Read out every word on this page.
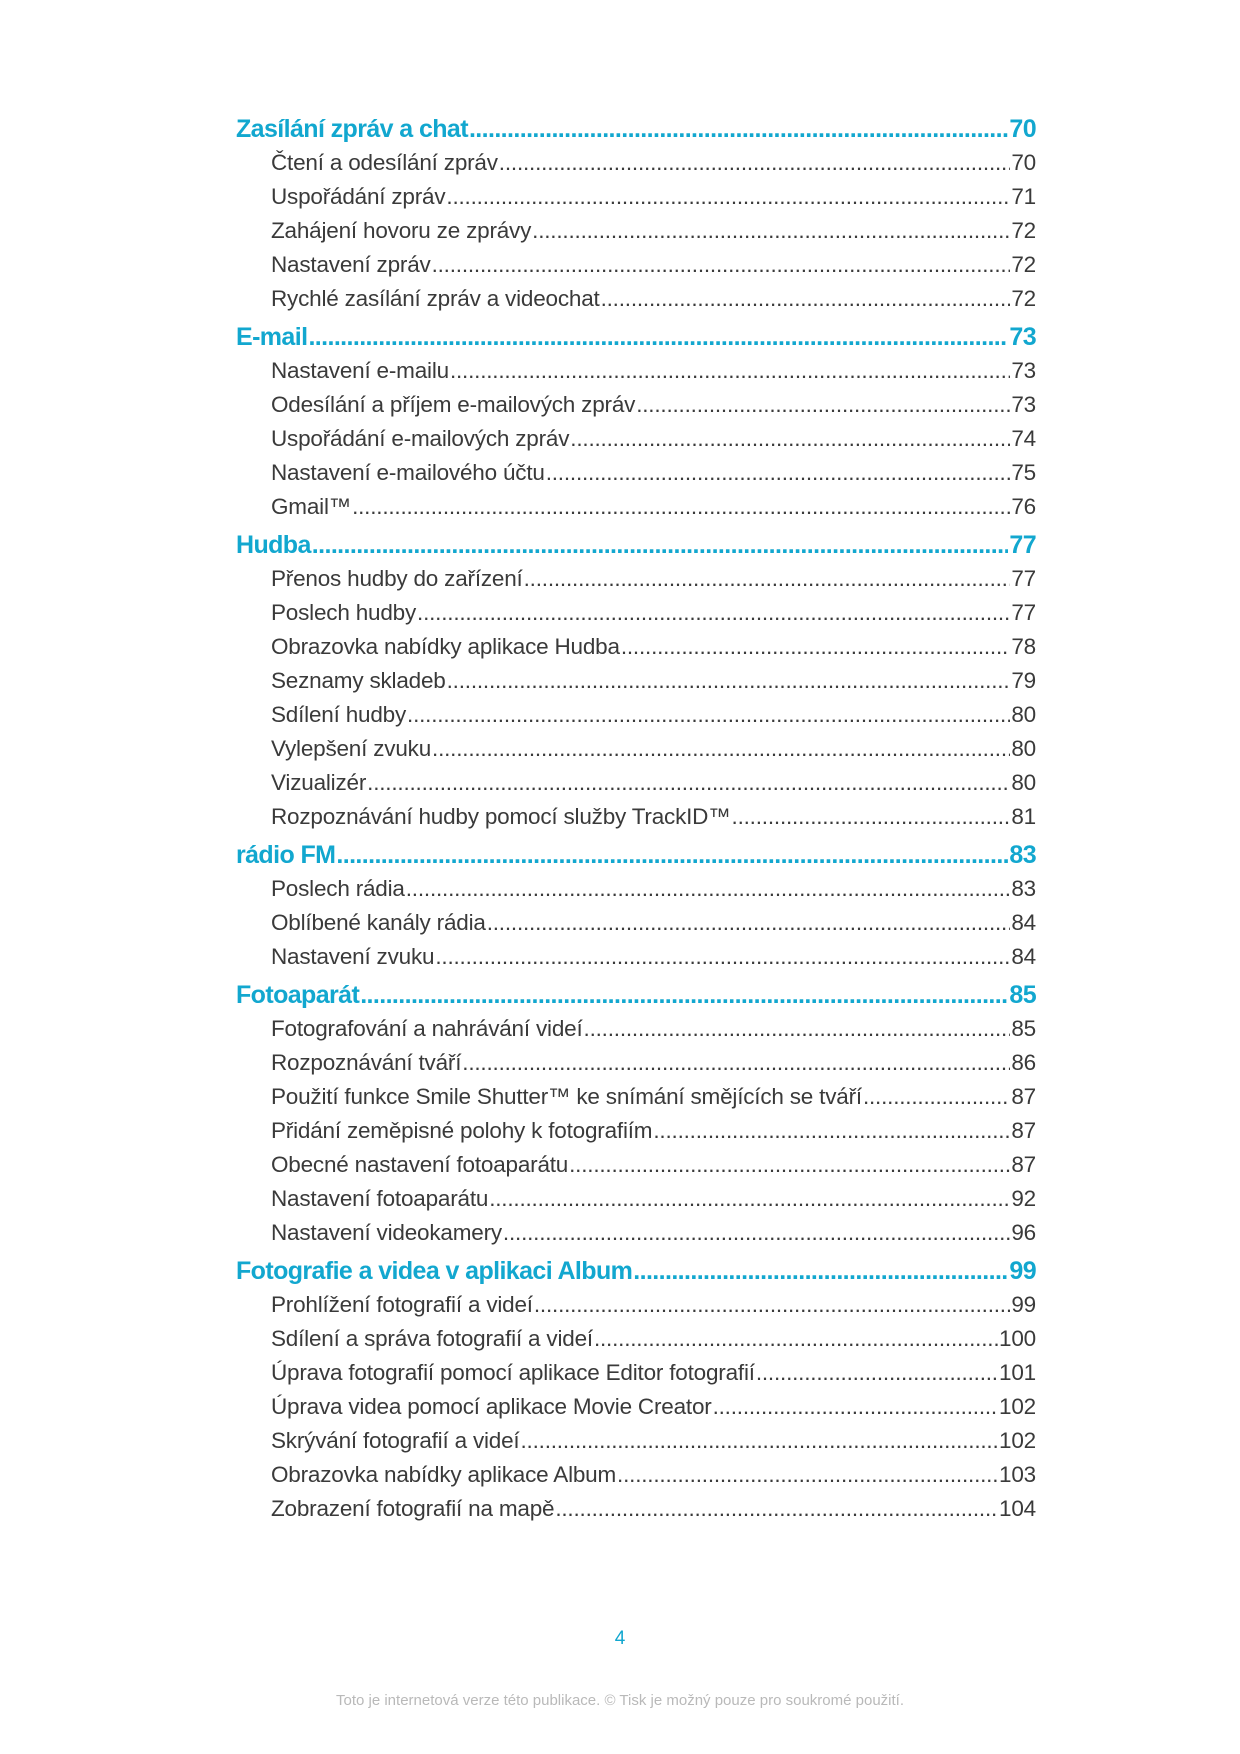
Zasílání zpráv a chat .....	70
Čtení a odesílání zpráv .....	70
Uspořádání zpráv .....	71
Zahájení hovoru ze zprávy .....	72
Nastavení zpráv .....	72
Rychlé zasílání zpráv a videochat .....	72
E-mail .....	73
Nastavení e-mailu .....	73
Odesílání a příjem e-mailových zpráv .....	73
Uspořádání e-mailových zpráv .....	74
Nastavení e-mailového účtu .....	75
Gmail™ .....	76
Hudba .....	77
Přenos hudby do zařízení .....	77
Poslech hudby .....	77
Obrazovka nabídky aplikace Hudba .....	78
Seznamy skladeb .....	79
Sdílení hudby .....	80
Vylepšení zvuku .....	80
Vizualizér .....	80
Rozpoznávání hudby pomocí služby TrackID™ .....	81
rádio FM .....	83
Poslech rádia .....	83
Oblíbené kanály rádia .....	84
Nastavení zvuku .....	84
Fotoaparát .....	85
Fotografování a nahrávání videí .....	85
Rozpoznávání tváří .....	86
Použití funkce Smile Shutter™ ke snímání smějících se tváří .....	87
Přidání zeměpisné polohy k fotografiím .....	87
Obecné nastavení fotoaparátu .....	87
Nastavení fotoaparátu .....	92
Nastavení videokamery .....	96
Fotografie a videa v aplikaci Album .....	99
Prohlížení fotografií a videí .....	99
Sdílení a správa fotografií a videí .....	100
Úprava fotografií pomocí aplikace Editor fotografií .....	101
Úprava videa pomocí aplikace Movie Creator .....	102
Skrývání fotografií a videí .....	102
Obrazovka nabídky aplikace Album .....	103
Zobrazení fotografií na mapě .....	104
4
Toto je internetová verze této publikace. © Tisk je možný pouze pro soukromé použití.
